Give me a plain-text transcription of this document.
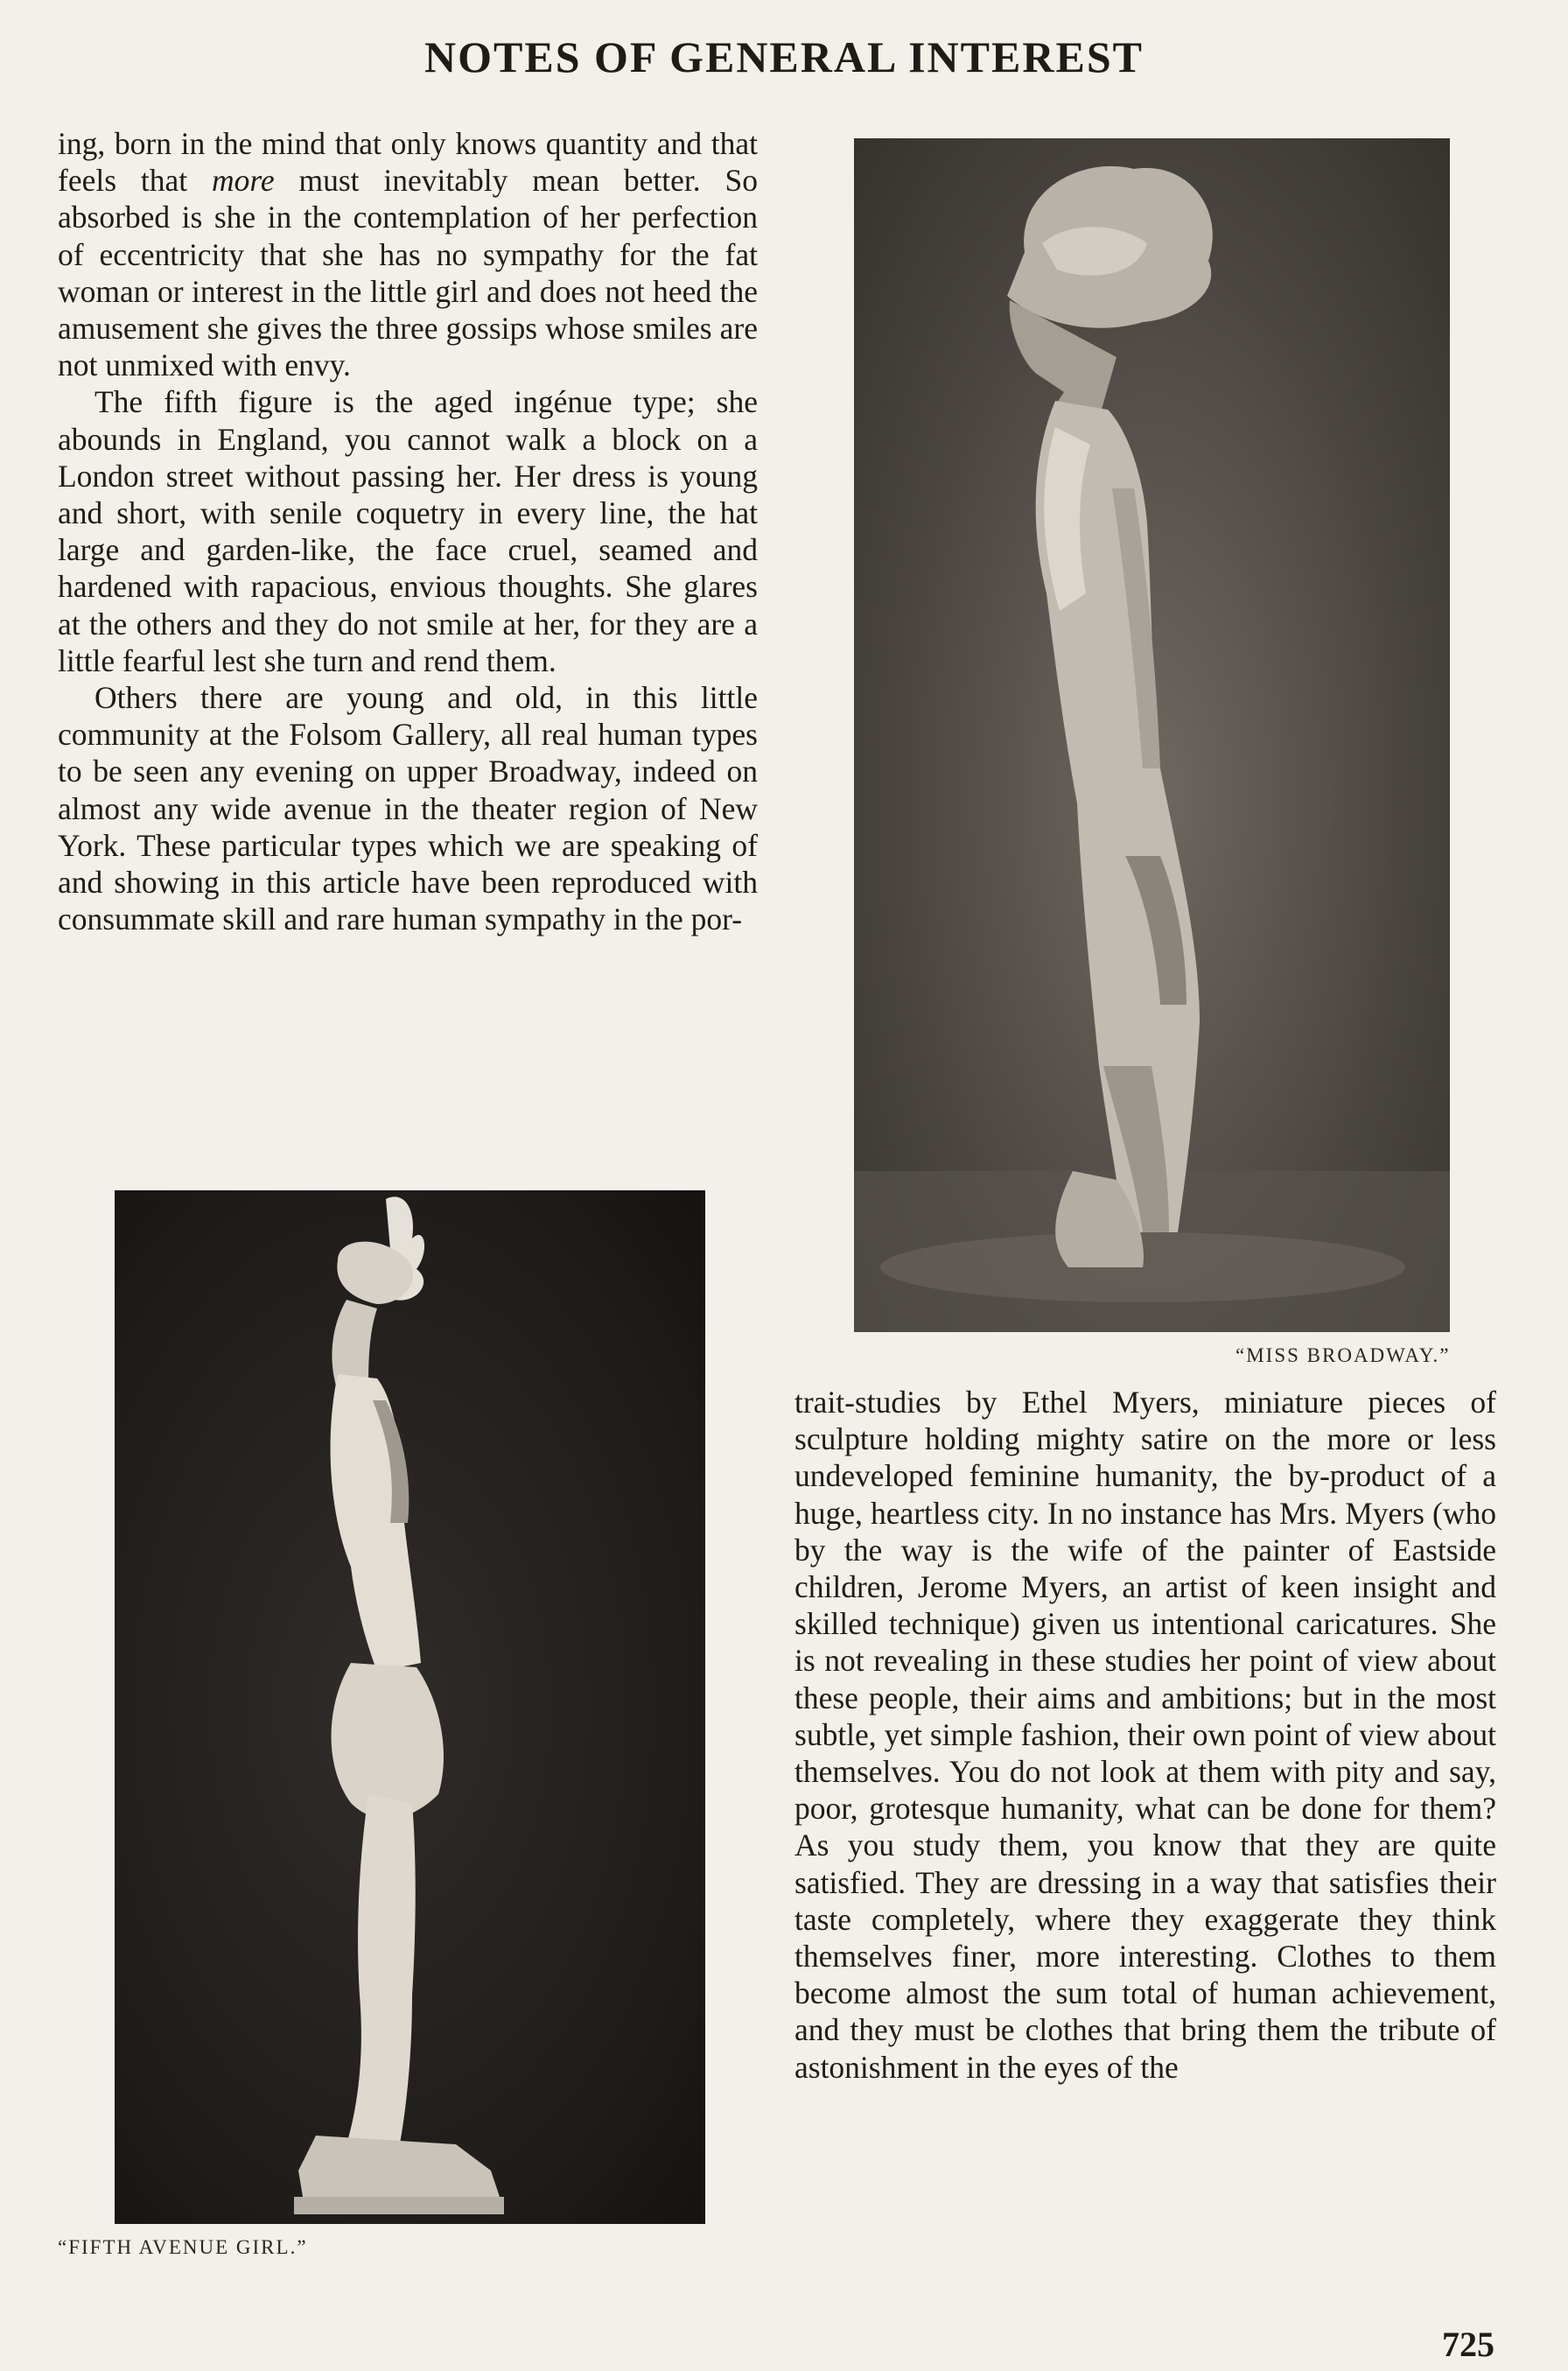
NOTES OF GENERAL INTEREST

ing, born in the mind that only knows quantity and that feels that more must inevitably mean better. So absorbed is she in the contemplation of her perfection of eccentricity that she has no sympathy for the fat woman or interest in the little girl and does not heed the amusement she gives the three gossips whose smiles are not unmixed with envy.

The fifth figure is the aged ingénue type; she abounds in England, you cannot walk a block on a London street without passing her. Her dress is young and short, with senile coquetry in every line, the hat large and garden-like, the face cruel, seamed and hardened with rapacious, envious thoughts. She glares at the others and they do not smile at her, for they are a little fearful lest she turn and rend them.

Others there are young and old, in this little community at the Folsom Gallery, all real human types to be seen any evening on upper Broadway, indeed on almost any wide avenue in the theater region of New York. These particular types which we are speaking of and showing in this article have been reproduced with consummate skill and rare human sympathy in the por-

“MISS BROADWAY.”
“FIFTH AVENUE GIRL.”

trait-studies by Ethel Myers, miniature pieces of sculpture holding mighty satire on the more or less undeveloped feminine humanity, the by-product of a huge, heartless city. In no instance has Mrs. Myers (who by the way is the wife of the painter of Eastside children, Jerome Myers, an artist of keen insight and skilled technique) given us intentional caricatures. She is not revealing in these studies her point of view about these people, their aims and ambitions; but in the most subtle, yet simple fashion, their own point of view about themselves. You do not look at them with pity and say, poor, grotesque humanity, what can be done for them? As you study them, you know that they are quite satisfied. They are dressing in a way that satisfies their taste completely, where they exaggerate they think themselves finer, more interesting. Clothes to them become almost the sum total of human achievement, and they must be clothes that bring them the tribute of astonishment in the eyes of the

725
